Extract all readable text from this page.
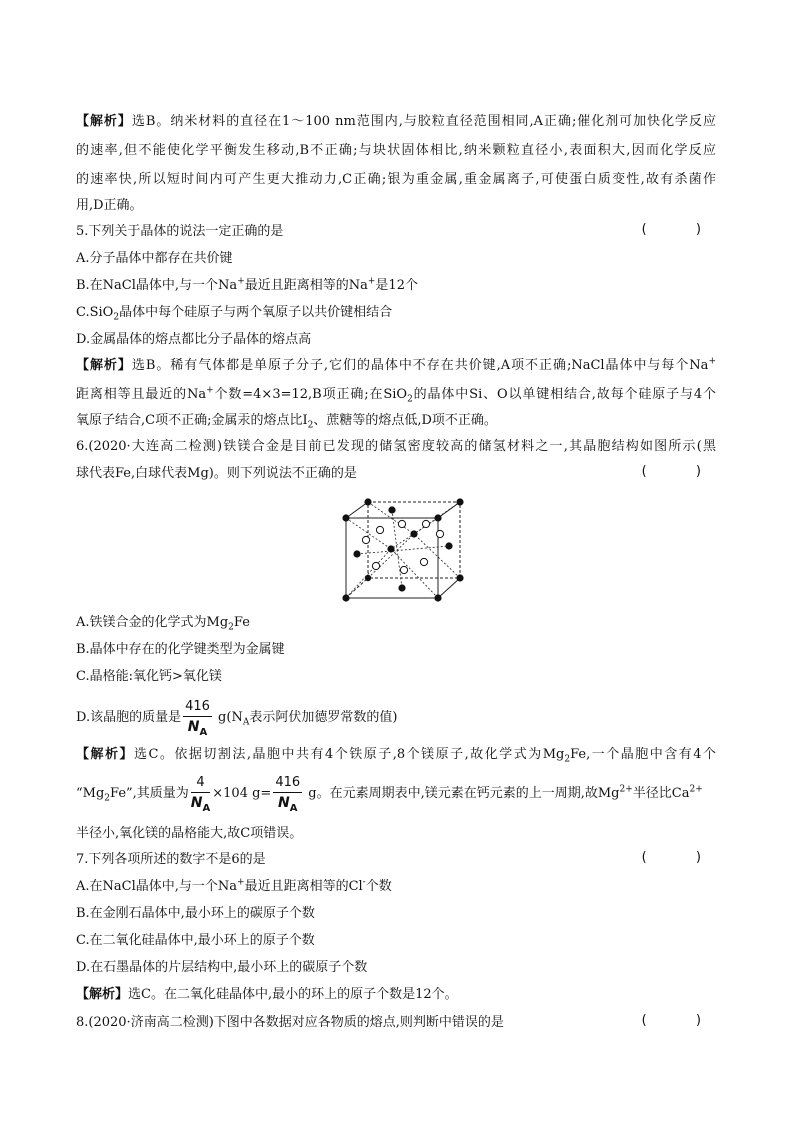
【解析】选B。纳米材料的直径在1～100 nm范围内,与胶粒直径范围相同,A正确;催化剂可加快化学反应
的速率,但不能使化学平衡发生移动,B不正确;与块状固体相比,纳米颗粒直径小,表面积大,因而化学反应
的速率快,所以短时间内可产生更大推动力,C正确;银为重金属,重金属离子,可使蛋白质变性,故有杀菌作
用,D正确。
5.下列关于晶体的说法一定正确的是	(      )
A.分子晶体中都存在共价键
B.在NaCl晶体中,与一个Na+最近且距离相等的Na+是12个
C.SiO$_2$晶体中每个硅原子与两个氧原子以共价键相结合
D.金属晶体的熔点都比分子晶体的熔点高
【解析】选B。稀有气体都是单原子分子,它们的晶体中不存在共价键,A项不正确;NaCl晶体中与每个Na+
距离相等且最近的Na+个数=4×3=12,B项正确;在SiO$_2$的晶体中Si、O以单键相结合,故每个硅原子与4个
氧原子结合,C项不正确;金属汞的熔点比$I_2$、蔗糖等的熔点低,D项不正确。
6.(2020·大连高二检测)铁镁合金是目前已发现的储氢密度较高的储氢材料之一,其晶胞结构如图所示(黑
球代表Fe,白球代表Mg)。则下列说法不正确的是	(      )
A.铁镁合金的化学式为$Mg_2Fe$
B.晶体中存在的化学键类型为金属键
C.晶格能:氧化钙>氧化镁
D.该晶胞的质量是 $\frac{416}{N_A} g(N_A$表示阿伏加德罗常数的值)
【解析】选C。依据切割法,晶胞中共有4个铁原子,8个镁原子,故化学式为$Mg_2Fe$,一个晶胞中含有4个
“$Mg_2Fe$”,其质量为 $\frac{4}{N_A} \times 104$ $g= \frac{416}{N_A}$ g。在元素周期表中,镁元素在钙元素的上一周期,故$Mg^{2+}$半径比$Ca^{2+}$
半径小,氧化镁的晶格能大,故C项错误。
7.下列各项所述的数字不是6的是	(      )
A.在NaCl晶体中,与一个Na+最近且距离相等的Cl-个数
B.在金刚石晶体中,最小环上的碳原子个数
C.在二氧化硅晶体中,最小环上的原子个数
D.在石墨晶体的片层结构中,最小环上的碳原子个数
【解析】选C。在二氧化硅晶体中,最小的环上的原子个数是12个。
8.(2020·济南高二检测)下图中各数据对应各物质的熔点,则判断中错误的是	(      )
